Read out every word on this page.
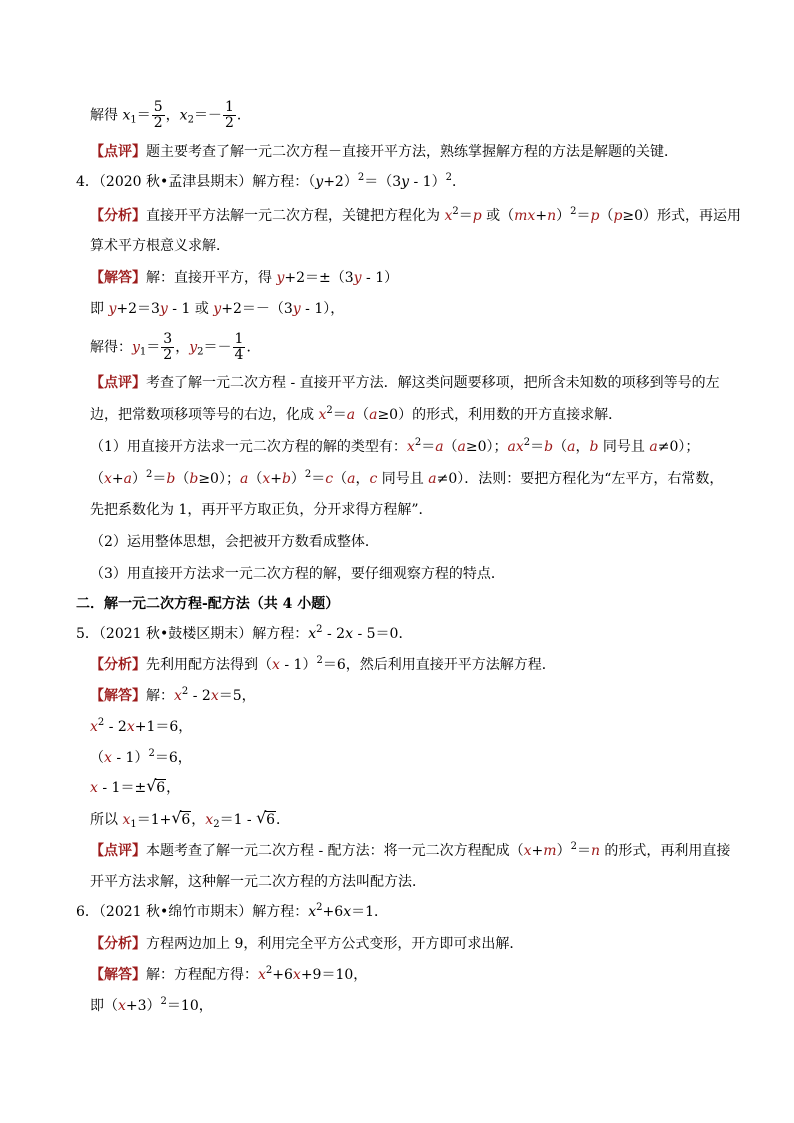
解得 $x_1= \frac{5}{2}$ ，$x_2=- \frac{1}{2}$ ．
【点评】题主要考查了解一元二次方程－直接开平方法，熟练掌握解方程的方法是解题的关键．
4．（2020 秋•孟津县期末）解方程：$(y+2)^2=(3y - 1)^2$．
【分析】直接开平方法解一元二次方程，关键把方程化为 $x^2=p$ 或$(mx+n)^2=p(p\ge 0)$形式，再运用
算术平方根意义求解．
【解答】解：直接开平方，得 y+2＝±（3y - 1）
即 y+2＝3y - 1 或 y+2＝－（3y - 1），
解得：$y_1= \frac{3}{2}$ ，$y_2=- \frac{1}{4}$ ．
【点评】考查了解一元二次方程 - 直接开平方法．解这类问题要移项，把所含未知数的项移到等号的左
边，把常数项移项等号的右边，化成 $x^2=a(a\ge 0)$的形式，利用数的开方直接求解．
（1）用直接开方法求一元二次方程的解的类型有：$x^2=a(a\ge 0)$；$ax^2=b(a$，b 同号且 a≠0）；
$(x+a)^2=b(b\ge 0)$；$a(x+b)^2=c(a$，c 同号且 a≠0）．法则：要把方程化为“左平方，右常数，
先把系数化为 1，再开平方取正负，分开求得方程解”．
（2）运用整体思想，会把被开方数看成整体．
（3）用直接开方法求一元二次方程的解，要仔细观察方程的特点．
二．解一元二次方程-配方法（共 4 小题）
5．（2021 秋•鼓楼区期末）解方程：$x^2 - 2x - 5=0$．
【分析】先利用配方法得到（x - 1）$^2$＝6，然后利用直接开平方法解方程．
【解答】解：$x^2 - 2x=5$，
$x^2 - 2x+1=6$，
（x - 1）$^2$＝6，
x - 1＝± √ 6，
所以 $x_1=1+$ √ 6，$x_2=1$ - √ 6．
【点评】本题考查了解一元二次方程 - 配方法：将一元二次方程配成$(x+m)^2=n$ 的形式，再利用直接
开平方法求解，这种解一元二次方程的方法叫配方法．
6．（2021 秋•绵竹市期末）解方程：$x^2+6x=1$．
【分析】方程两边加上 9，利用完全平方公式变形，开方即可求出解．
【解答】解：方程配方得：$x^2+6x+9=10$，
即$(x+3)^2=10$，
